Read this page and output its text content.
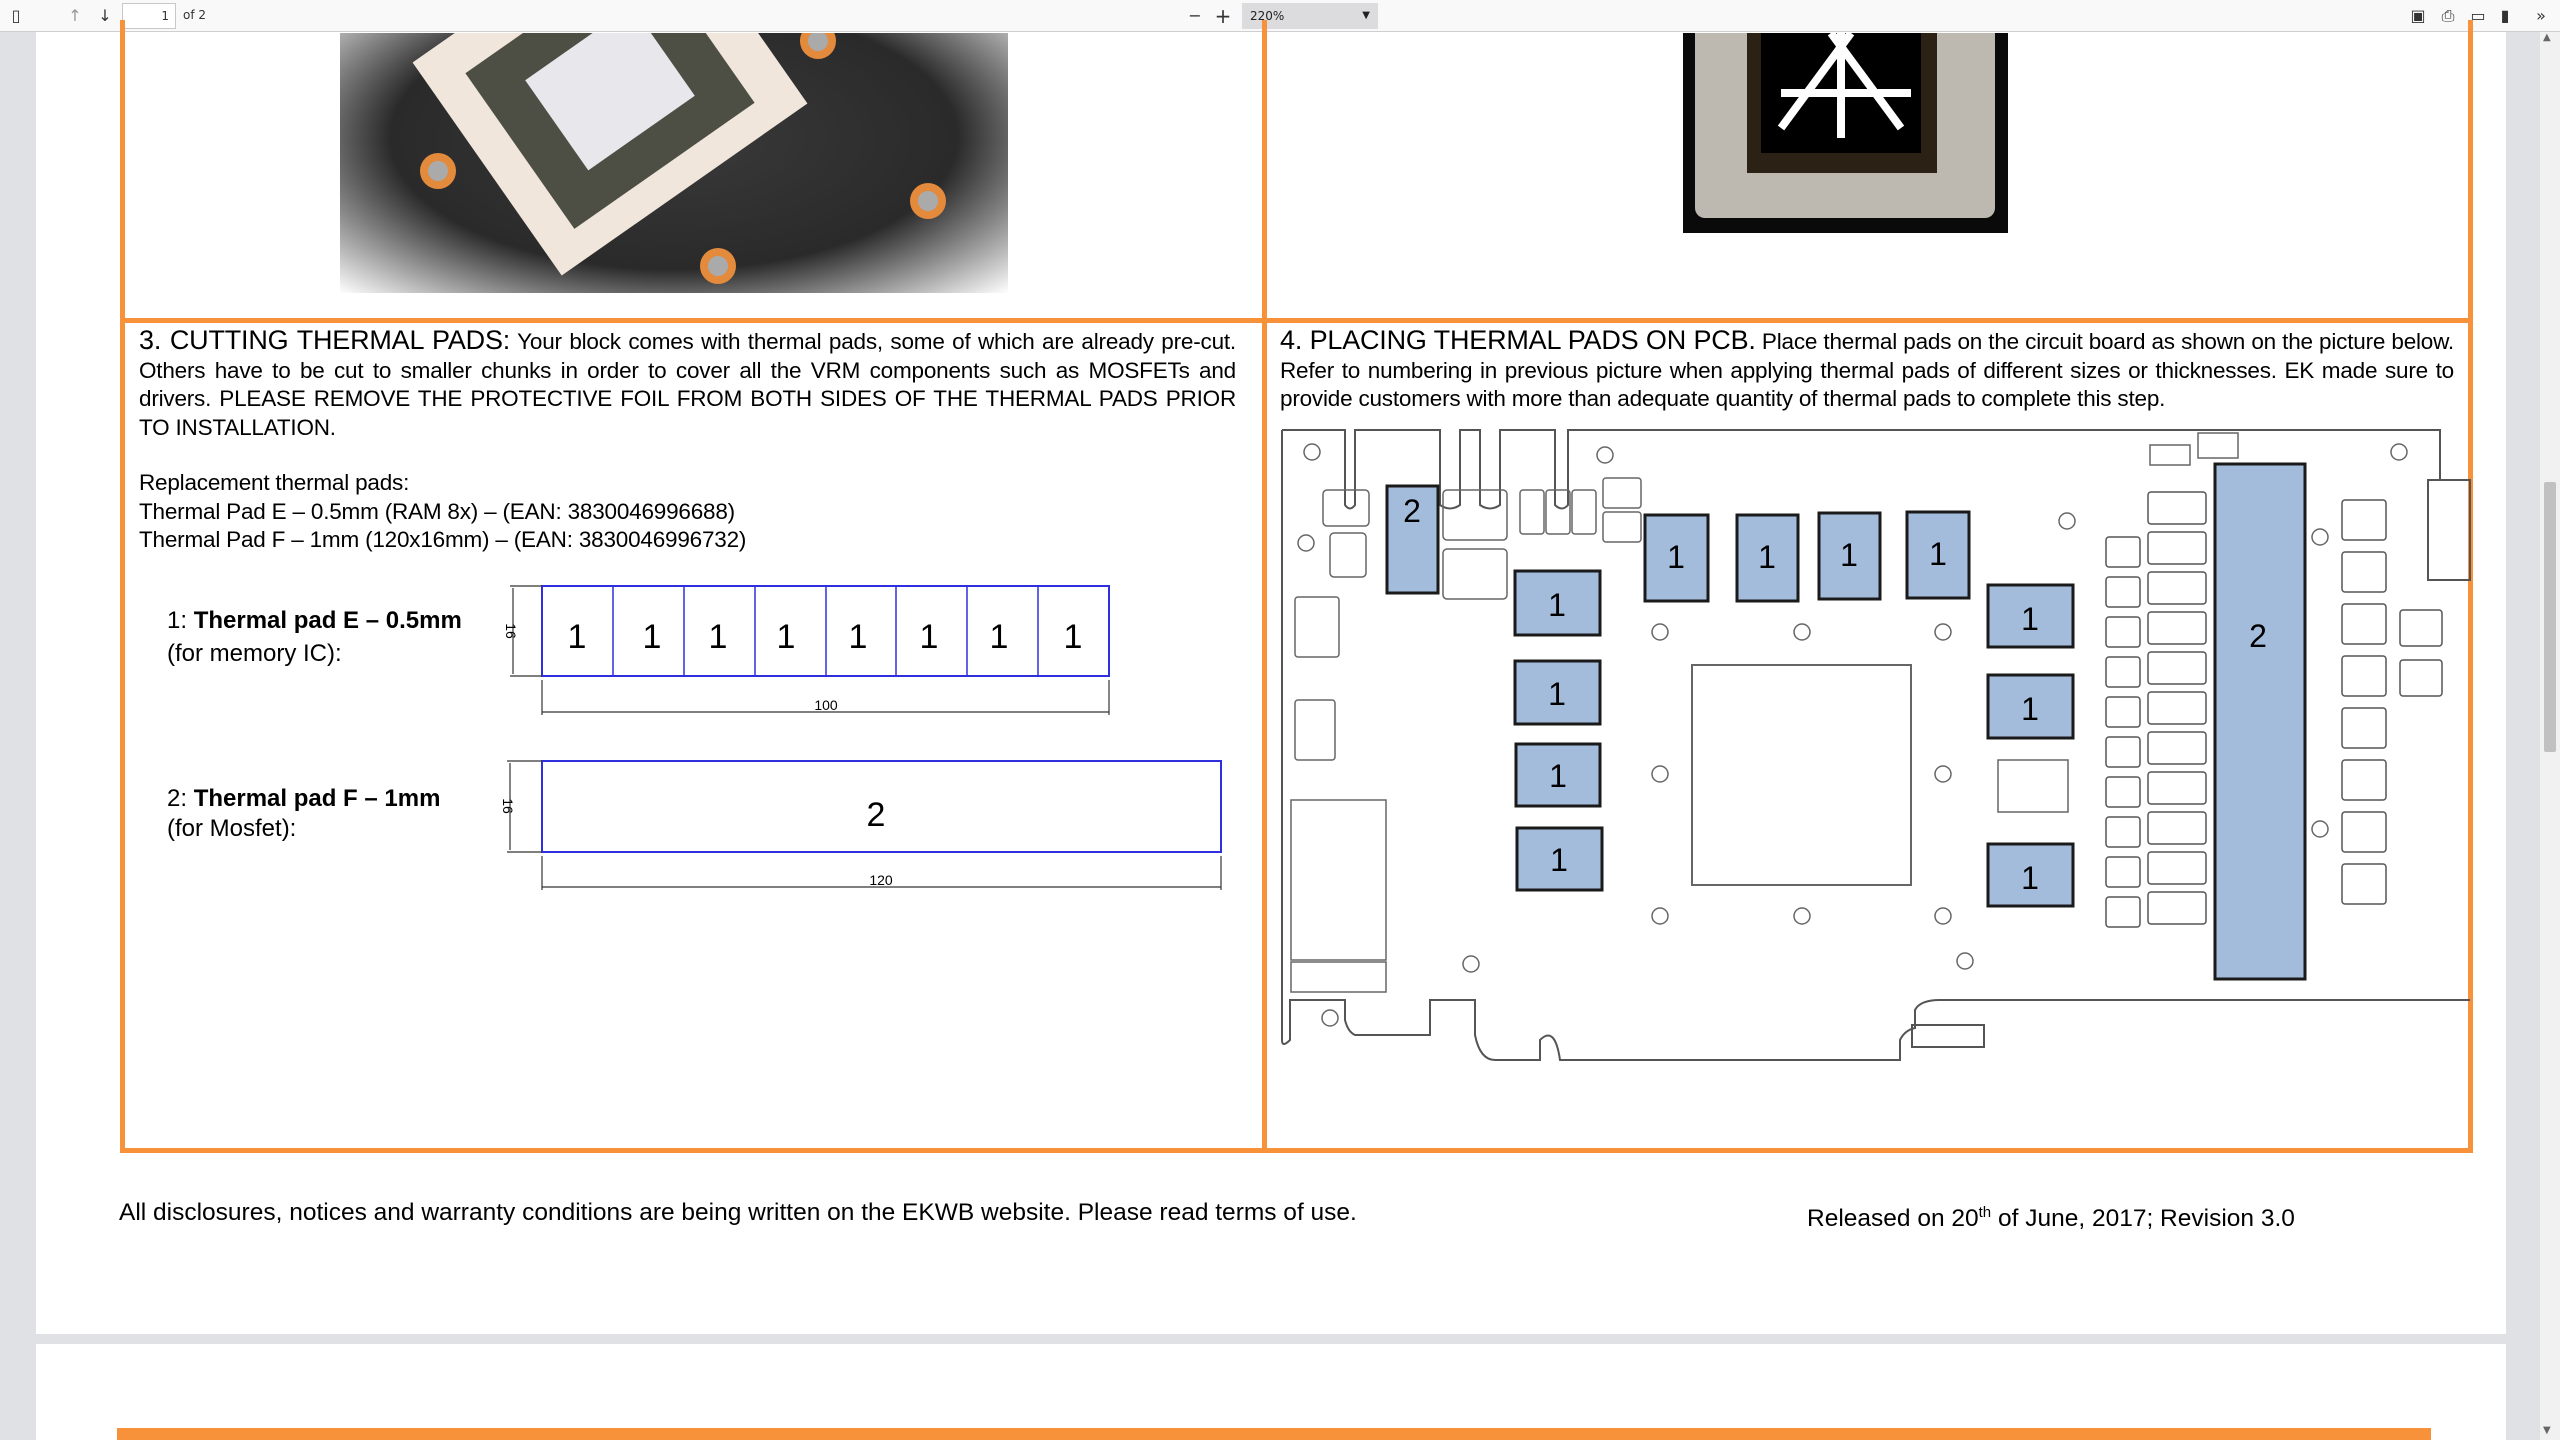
▯	↑ ↓	1	of 2	− +	220%	▼	▣ ⎙ ▭ ▮	»
3. CUTTING THERMAL PADS: Your block comes with thermal pads, some of which are already pre-cut. Others have to be cut to smaller chunks in order to cover all the VRM components such as MOSFETs and drivers. PLEASE REMOVE THE PROTECTIVE FOIL FROM BOTH SIDES OF THE THERMAL PADS PRIOR TO INSTALLATION.
Replacement thermal pads:
Thermal Pad E – 0.5mm (RAM 8x) – (EAN: 3830046996688)
Thermal Pad F – 1mm (120x16mm) – (EAN: 3830046996732)
1: Thermal pad E – 0.5mm
(for memory IC):
2: Thermal pad F – 1mm
(for Mosfet):
1 1 1 1 1 1 1 1
100
16
2
120
16
4. PLACING THERMAL PADS ON PCB. Place thermal pads on the circuit board as shown on the picture below. Refer to numbering in previous picture when applying thermal pads of different sizes or thicknesses. EK made sure to provide customers with more than adequate quantity of thermal pads to complete this step.
2
1 1 1 1
1
1
1
1
1
1
1
2
All disclosures, notices and warranty conditions are being written on the EKWB website. Please read terms of use.	Released on 20th of June, 2017; Revision 3.0
▲
▼
